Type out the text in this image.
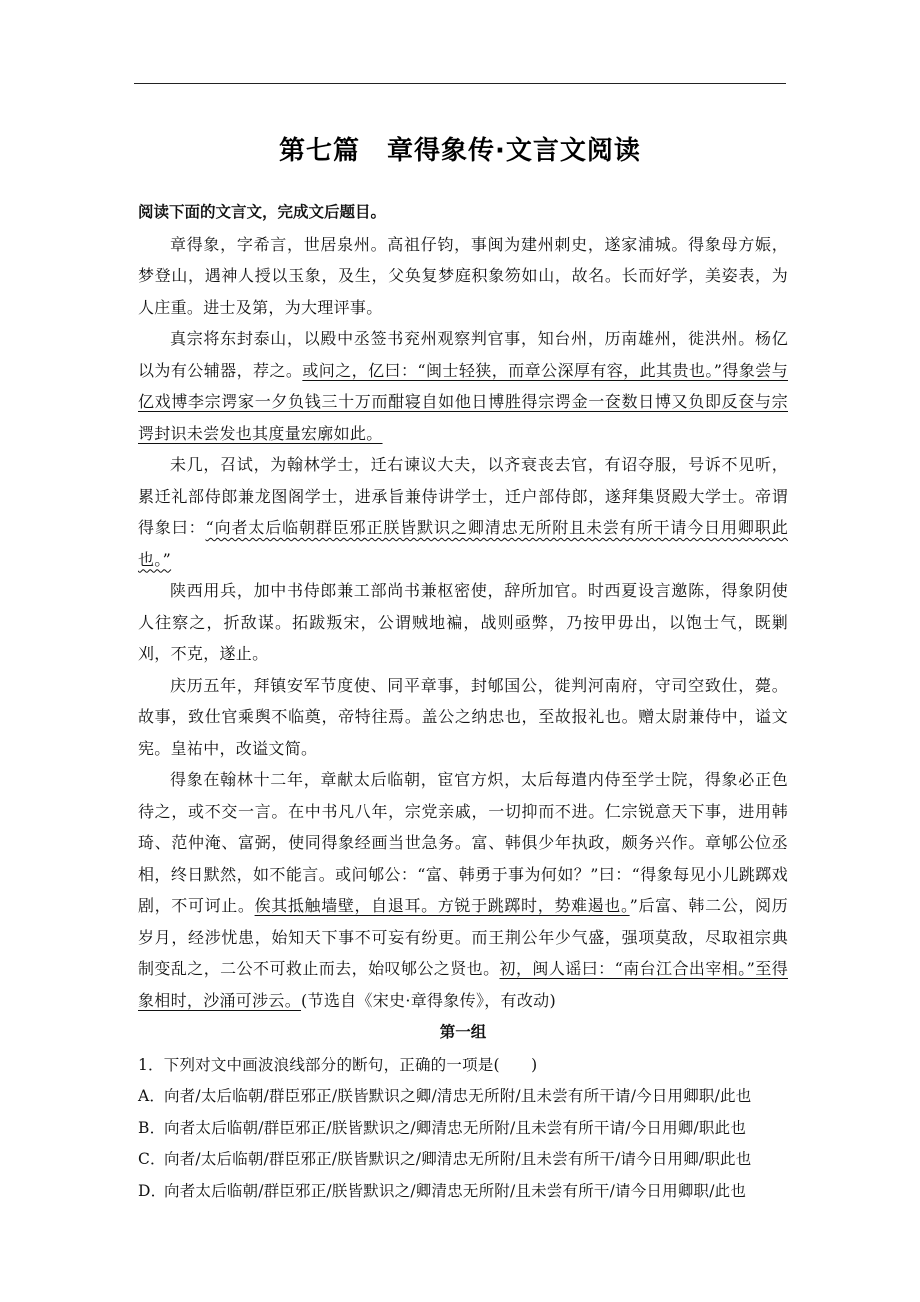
第七篇　章得象传·文言文阅读
阅读下面的文言文，完成文后题目。

章得象，字希言，世居泉州。高祖仔钧，事闽为建州刺史，遂家浦城。得象母方娠，梦登山，遇神人授以玉象，及生，父奂复梦庭积象笏如山，故名。长而好学，美姿表，为人庄重。进士及第，为大理评事。

真宗将东封泰山，以殿中丞签书兖州观察判官事，知台州，历南雄州，徙洪州。杨亿以为有公辅器，荐之。或问之，亿曰：“闽士轻狭，而章公深厚有容，此其贵也。”得象尝与亿戏博李宗谔家一夕负钱三十万而酣寝自如他日博胜得宗谔金一奁数日博又负即反奁与宗谔封识未尝发也其度量宏廓如此。

未几，召试，为翰林学士，迁右谏议大夫，以齐衰丧去官，有诏夺服，号诉不见听，累迁礼部侍郎兼龙图阁学士，进承旨兼侍讲学士，迁户部侍郎，遂拜集贤殿大学士。帝谓得象曰：“向者太后临朝群臣邪正朕皆默识之卿清忠无所附且未尝有所干请今日用卿职此也。”

陕西用兵，加中书侍郎兼工部尚书兼枢密使，辞所加官。时西夏设言邀陈，得象阴使人往察之，折敌谋。拓跋叛宋，公谓贼地褊，战则亟弊，乃按甲毋出，以饱士气，既剿刈，不克，遂止。

庆历五年，拜镇安军节度使、同平章事，封郇国公，徙判河南府，守司空致仕，薨。故事，致仕官乘舆不临奠，帝特往焉。盖公之纳忠也，至故报礼也。赠太尉兼侍中，谥文宪。皇祐中，改谥文简。

得象在翰林十二年，章献太后临朝，宦官方炽，太后每遣内侍至学士院，得象必正色待之，或不交一言。在中书凡八年，宗党亲戚，一切抑而不进。仁宗锐意天下事，进用韩琦、范仲淹、富弼，使同得象经画当世急务。富、韩俱少年执政，颇务兴作。章郇公位丞相，终日默然，如不能言。或问郇公：“富、韩勇于事为何如？”曰：“得象每见小儿跳踯戏剧，不可诃止。俟其抵触墙壁，自退耳。方锐于跳踯时，势难遏也。”后富、韩二公，阅历岁月，经涉忧患，始知天下事不可妄有纷更。而王荆公年少气盛，强项莫敌，尽取祖宗典制变乱之，二公不可救止而去，始叹郇公之贤也。初，闽人谣曰：“南台江合出宰相。”至得象相时，沙涌可涉云。(节选自《宋史·章得象传》，有改动)

第一组

1．下列对文中画波浪线部分的断句，正确的一项是(　　)

A．向者/太后临朝/群臣邪正/朕皆默识之卿/清忠无所附/且未尝有所干请/今日用卿职/此也

B．向者太后临朝/群臣邪正/朕皆默识之/卿清忠无所附/且未尝有所干请/今日用卿/职此也

C．向者/太后临朝/群臣邪正/朕皆默识之/卿清忠无所附/且未尝有所干/请今日用卿/职此也

D．向者太后临朝/群臣邪正/朕皆默识之/卿清忠无所附/且未尝有所干/请今日用卿职/此也
